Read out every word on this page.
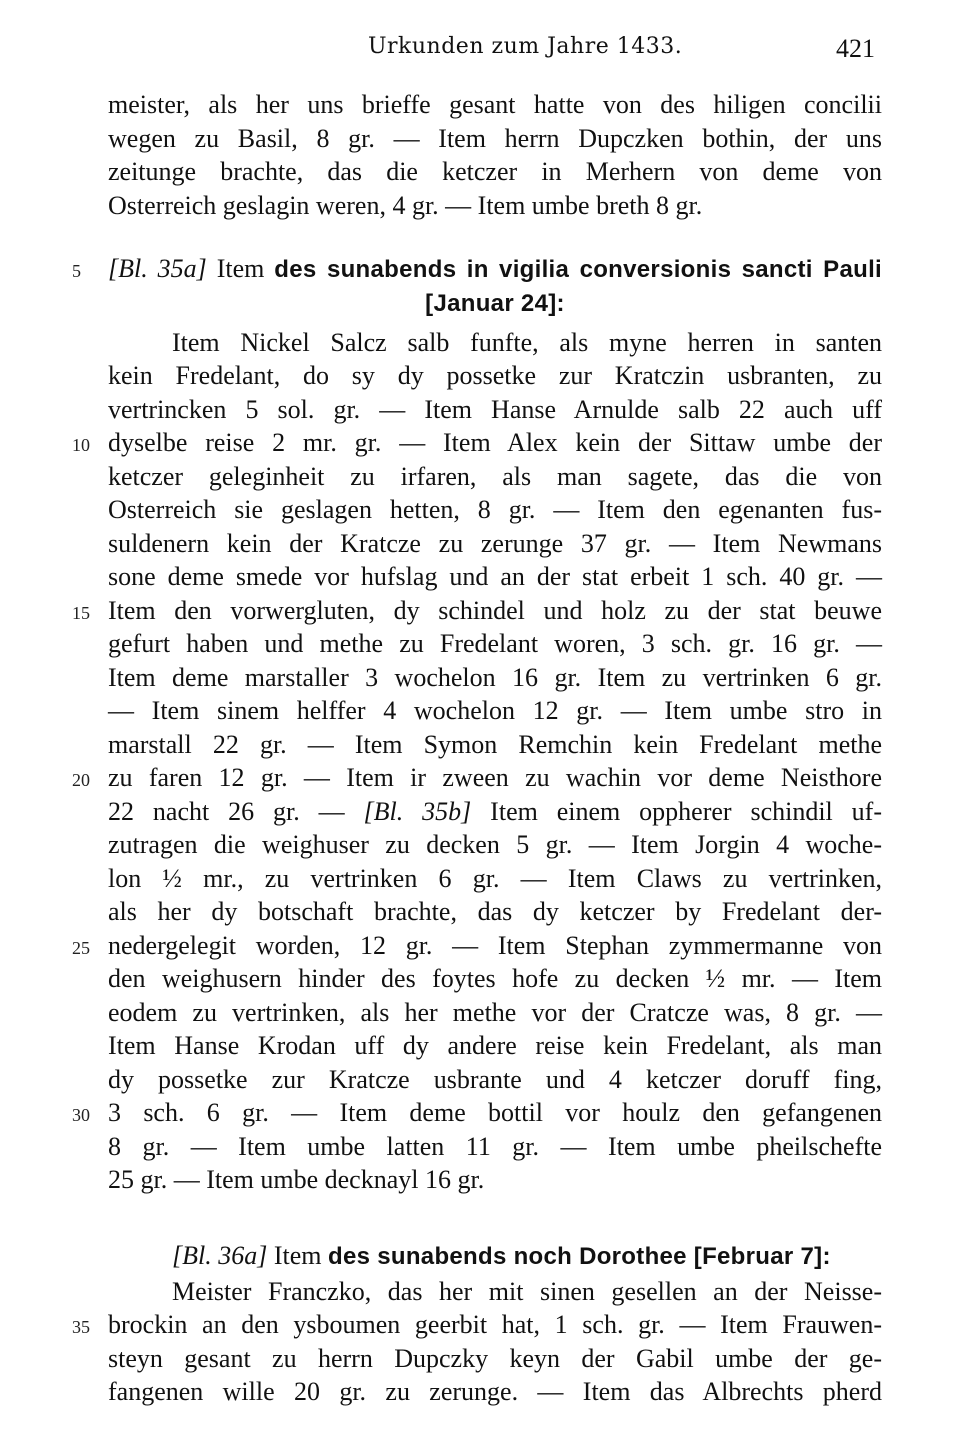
Urkunden zum Jahre 1433.	421
meister, als her uns brieffe gesant hatte von des hiligen concilii
wegen zu Basil, 8 gr. — Item herrn Dupczken bothin, der uns
zeitunge brachte, das die ketczer in Merhern von deme von
Osterreich geslagin weren, 4 gr. — Item umbe breth 8 gr.
5	[Bl. 35a] Item des sunabends in vigilia conversionis sancti Pauli
[Januar 24]:
Item Nickel Salcz salb funfte, als myne herren in santen
kein Fredelant, do sy dy possetke zur Kratczin usbranten, zu
vertrincken 5 sol. gr. — Item Hanse Arnulde salb 22 auch uff
10 dyselbe reise 2 mr. gr. — Item Alex kein der Sittaw umbe der
ketczer geleginheit zu irfaren, als man sagete, das die von
Osterreich sie geslagen hetten, 8 gr. — Item den egenanten fus-
suldenern kein der Kratcze zu zerunge 37 gr. — Item Newmans
sone deme smede vor hufslag und an der stat erbeit 1 sch. 40 gr. —
15 Item den vorwergluten, dy schindel und holz zu der stat beuwe
gefurt haben und methe zu Fredelant woren, 3 sch. gr. 16 gr. —
Item deme marstaller 3 wochelon 16 gr. Item zu vertrinken 6 gr.
— Item sinem helffer 4 wochelon 12 gr. — Item umbe stro in
marstall 22 gr. — Item Symon Remchin kein Fredelant methe
20 zu faren 12 gr. — Item ir zween zu wachin vor deme Neisthore
22 nacht 26 gr. — [Bl. 35b] Item einem oppherer schindil uf-
zutragen die weighuser zu decken 5 gr. — Item Jorgin 4 woche-
lon ½ mr., zu vertrinken 6 gr. — Item Claws zu vertrinken,
als her dy botschaft brachte, das dy ketczer by Fredelant der-
25 nedergelegit worden, 12 gr. — Item Stephan zymmermanne von
den weighusern hinder des foytes hofe zu decken ½ mr. — Item
eodem zu vertrinken, als her methe vor der Cratcze was, 8 gr. —
Item Hanse Krodan uff dy andere reise kein Fredelant, als man
dy possetke zur Kratcze usbrante und 4 ketczer doruff fing,
30 3 sch. 6 gr. — Item deme bottil vor houlz den gefangenen
8 gr. — Item umbe latten 11 gr. — Item umbe pheilschefte
25 gr. — Item umbe decknayl 16 gr.
[Bl. 36a] Item des sunabends noch Dorothee [Februar 7]:
Meister Franczko, das her mit sinen gesellen an der Neisse-
35 brockin an den ysboumen geerbit hat, 1 sch. gr. — Item Frauwen-
steyn gesant zu herrn Dupczky keyn der Gabil umbe der ge-
fangenen wille 20 gr. zu zerunge. — Item das Albrechts pherd
